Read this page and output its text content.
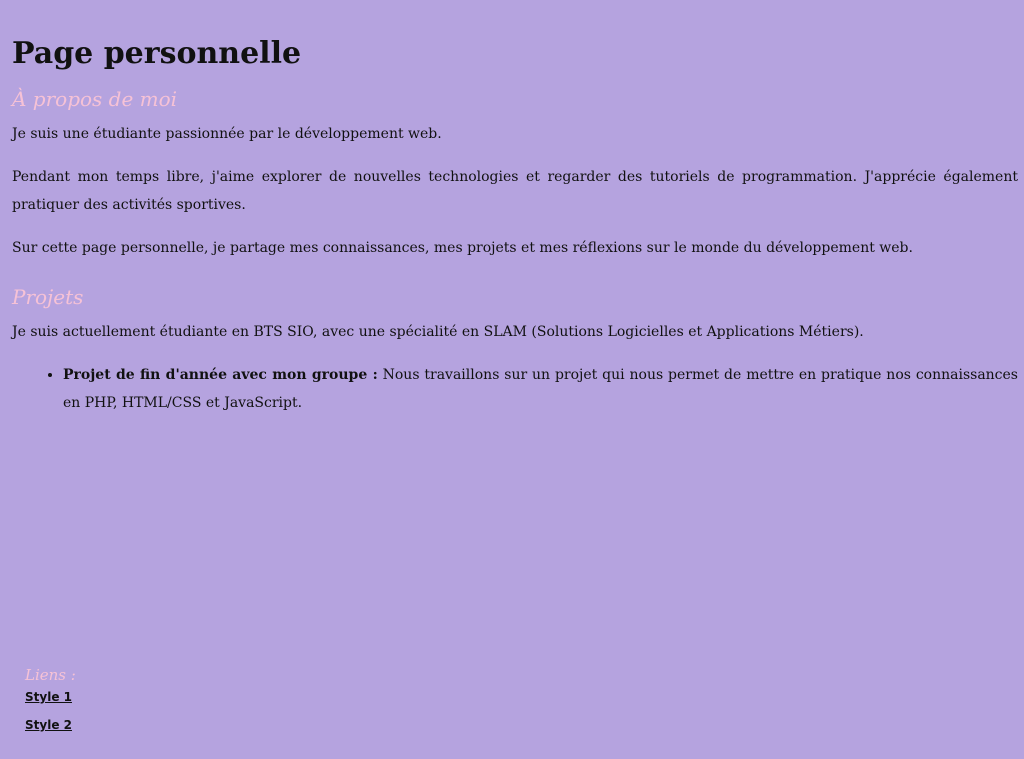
Page personnelle
À propos de moi

Je suis une étudiante passionnée par le développement web.

Pendant mon temps libre, j'aime explorer de nouvelles technologies et regarder des tutoriels de programmation. J'apprécie également pratiquer des activités sportives.

Sur cette page personnelle, je partage mes connaissances, mes projets et mes réflexions sur le monde du développement web.

Projets

Je suis actuellement étudiante en BTS SIO, avec une spécialité en SLAM (Solutions Logicielles et Applications Métiers).

• Projet de fin d'année avec mon groupe : Nous travaillons sur un projet qui nous permet de mettre en pratique nos connaissances en PHP, HTML/CSS et JavaScript.
Liens :
Style 1
Style 2
